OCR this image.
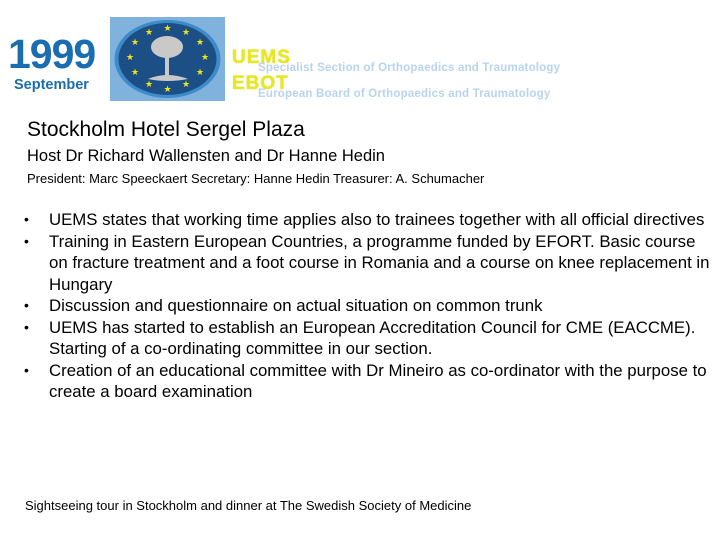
1999
September
★ ★
★
★
★
★
★
★
★
★
★
★
UEMS
Specialist Section of Orthopaedics and Traumatology
EBOT
European Board of Orthopaedics and Traumatology
Stockholm Hotel Sergel Plaza
Host Dr Richard Wallensten and Dr Hanne Hedin
President: Marc Speeckaert Secretary: Hanne Hedin Treasurer: A. Schumacher
• UEMS states that working time applies also to trainees together with all official directives
• Training in Eastern European Countries, a programme funded by EFORT. Basic course on fracture treatment and a foot course in Romania and a course on knee replacement in Hungary
• Discussion and questionnaire on actual situation on common trunk
• UEMS has started to establish an European Accreditation Council for CME (EACCME). Starting of a co-ordinating committee in our section.
• Creation of an educational committee with Dr Mineiro as co-ordinator with the purpose to create a board examination
Sightseeing tour in Stockholm and dinner at The Swedish Society of Medicine
